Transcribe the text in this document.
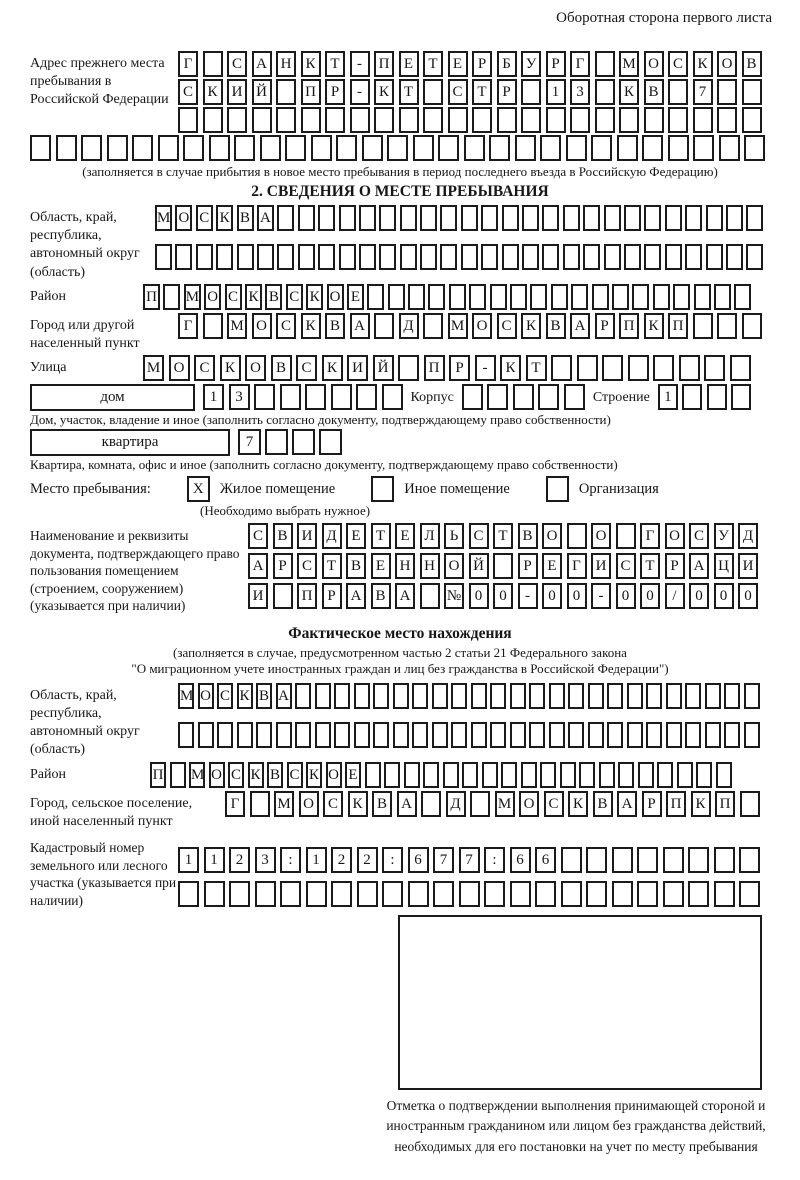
Оборотная сторона первого листа
Адрес прежнего места пребывания в Российской Федерации
Г	С А Н К Т	-	П Е	Т	Е	Р	Б У	Р	Г	М О С К О В
С К И Й	П Р	-	К Т	С Т	Р	1	3	К В	7
(заполняется в случае прибытия в новое место пребывания в период последнего въезда в Российскую Федерацию)
2. СВЕДЕНИЯ О МЕСТЕ ПРЕБЫВАНИЯ
Область, край, республика, автономный округ (область)
М О С К В А
Район	П М О С К В С К О Е
Город или другой населенный пункт
Г	М О С К В А	Д	М О С К В А Р П К П
Улица	М О	С	К	О	В	С	К	И Й	П	Р	-	К	Т
дом	1	3	Корпус	Строение 1
Дом, участок, владение и иное (заполнить согласно документу, подтверждающему право собственности)
квартира	7
Квартира, комната, офис и иное (заполнить согласно документу, подтверждающему право собственности)
Место пребывания:	X	Жилое помещение	Иное помещение	Организация
(Необходимо выбрать нужное)
Наименование и реквизиты документа, подтверждающего право пользования помещением (строением, сооружением) (указывается при наличии)
С В И Д Е	Т	Е Л	Ь	С Т В О	О	Г О С У Д
А Р	С Т В Е Н Н О Й	Р	Е	Г И С Т	Р А Ц И
И	П Р А В А	№ 0	0	-	0	0	-	0	0	/	0	0	0
Фактическое место нахождения
(заполняется в случае, предусмотренном частью 2 статьи 21 Федерального закона
"О миграционном учете иностранных граждан и лиц без гражданства в Российской Федерации")
Область, край, республика, автономный округ (область)
М О С К В А
Район	П М О С К В С К О Е
Город, сельское поселение, иной населенный пункт
Г	М О С К В А	Д	М О С К В А Р П К П
Кадастровый номер земельного или лесного участка (указывается при наличии)
1	1	2	3	:	1	2	2	:	6	7	7	:	6	6
Отметка о подтверждении выполнения принимающей стороной и иностранным гражданином или лицом без гражданства действий, необходимых для его постановки на учет по месту пребывания
